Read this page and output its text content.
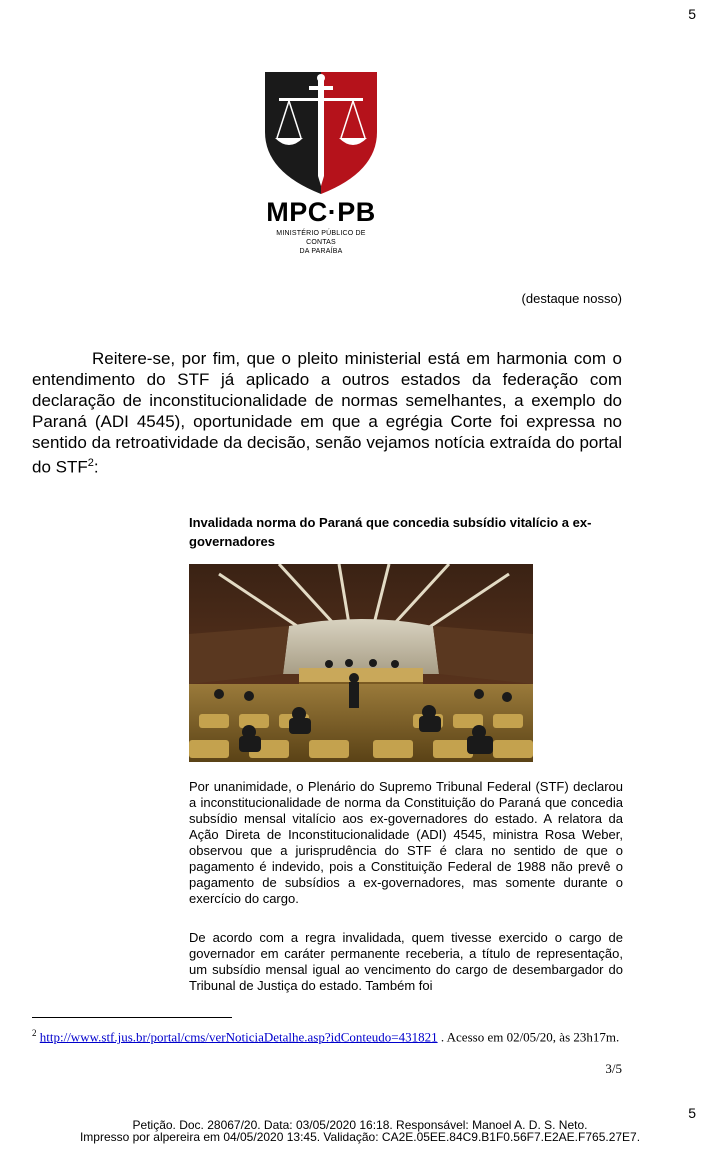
5
MPC·PB
MINISTÉRIO PÚBLICO DE CONTAS
DA PARAÍBA
(destaque nosso)
Reitere-se, por fim, que o pleito ministerial está em harmonia com o entendimento do STF já aplicado a outros estados da federação com declaração de inconstitucionalidade de normas semelhantes, a exemplo do Paraná (ADI 4545), oportunidade em que a egrégia Corte foi expressa no sentido da retroatividade da decisão, senão vejamos notícia extraída do portal do STF$^2$:
Invalidada norma do Paraná que concedia subsídio vitalício a ex-governadores
Por unanimidade, o Plenário do Supremo Tribunal Federal (STF) declarou a inconstitucionalidade de norma da Constituição do Paraná que concedia subsídio mensal vitalício aos ex-governadores do estado. A relatora da Ação Direta de Inconstitucionalidade (ADI) 4545, ministra Rosa Weber, observou que a jurisprudência do STF é clara no sentido de que o pagamento é indevido, pois a Constituição Federal de 1988 não prevê o pagamento de subsídios a ex-governadores, mas somente durante o exercício do cargo.
De acordo com a regra invalidada, quem tivesse exercido o cargo de governador em caráter permanente receberia, a título de representação, um subsídio mensal igual ao vencimento do cargo de desembargador do Tribunal de Justiça do estado. Também foi
$^2$ http://www.stf.jus.br/portal/cms/verNoticiaDetalhe.asp?idConteudo=431821 . Acesso em 02/05/20, às 23h17m.
3/5
5
Petição. Doc. 28067/20. Data: 03/05/2020 16:18. Responsável: Manoel A. D. S. Neto.
Impresso por alpereira em 04/05/2020 13:45. Validação: CA2E.05EE.84C9.B1F0.56F7.E2AE.F765.27E7.
